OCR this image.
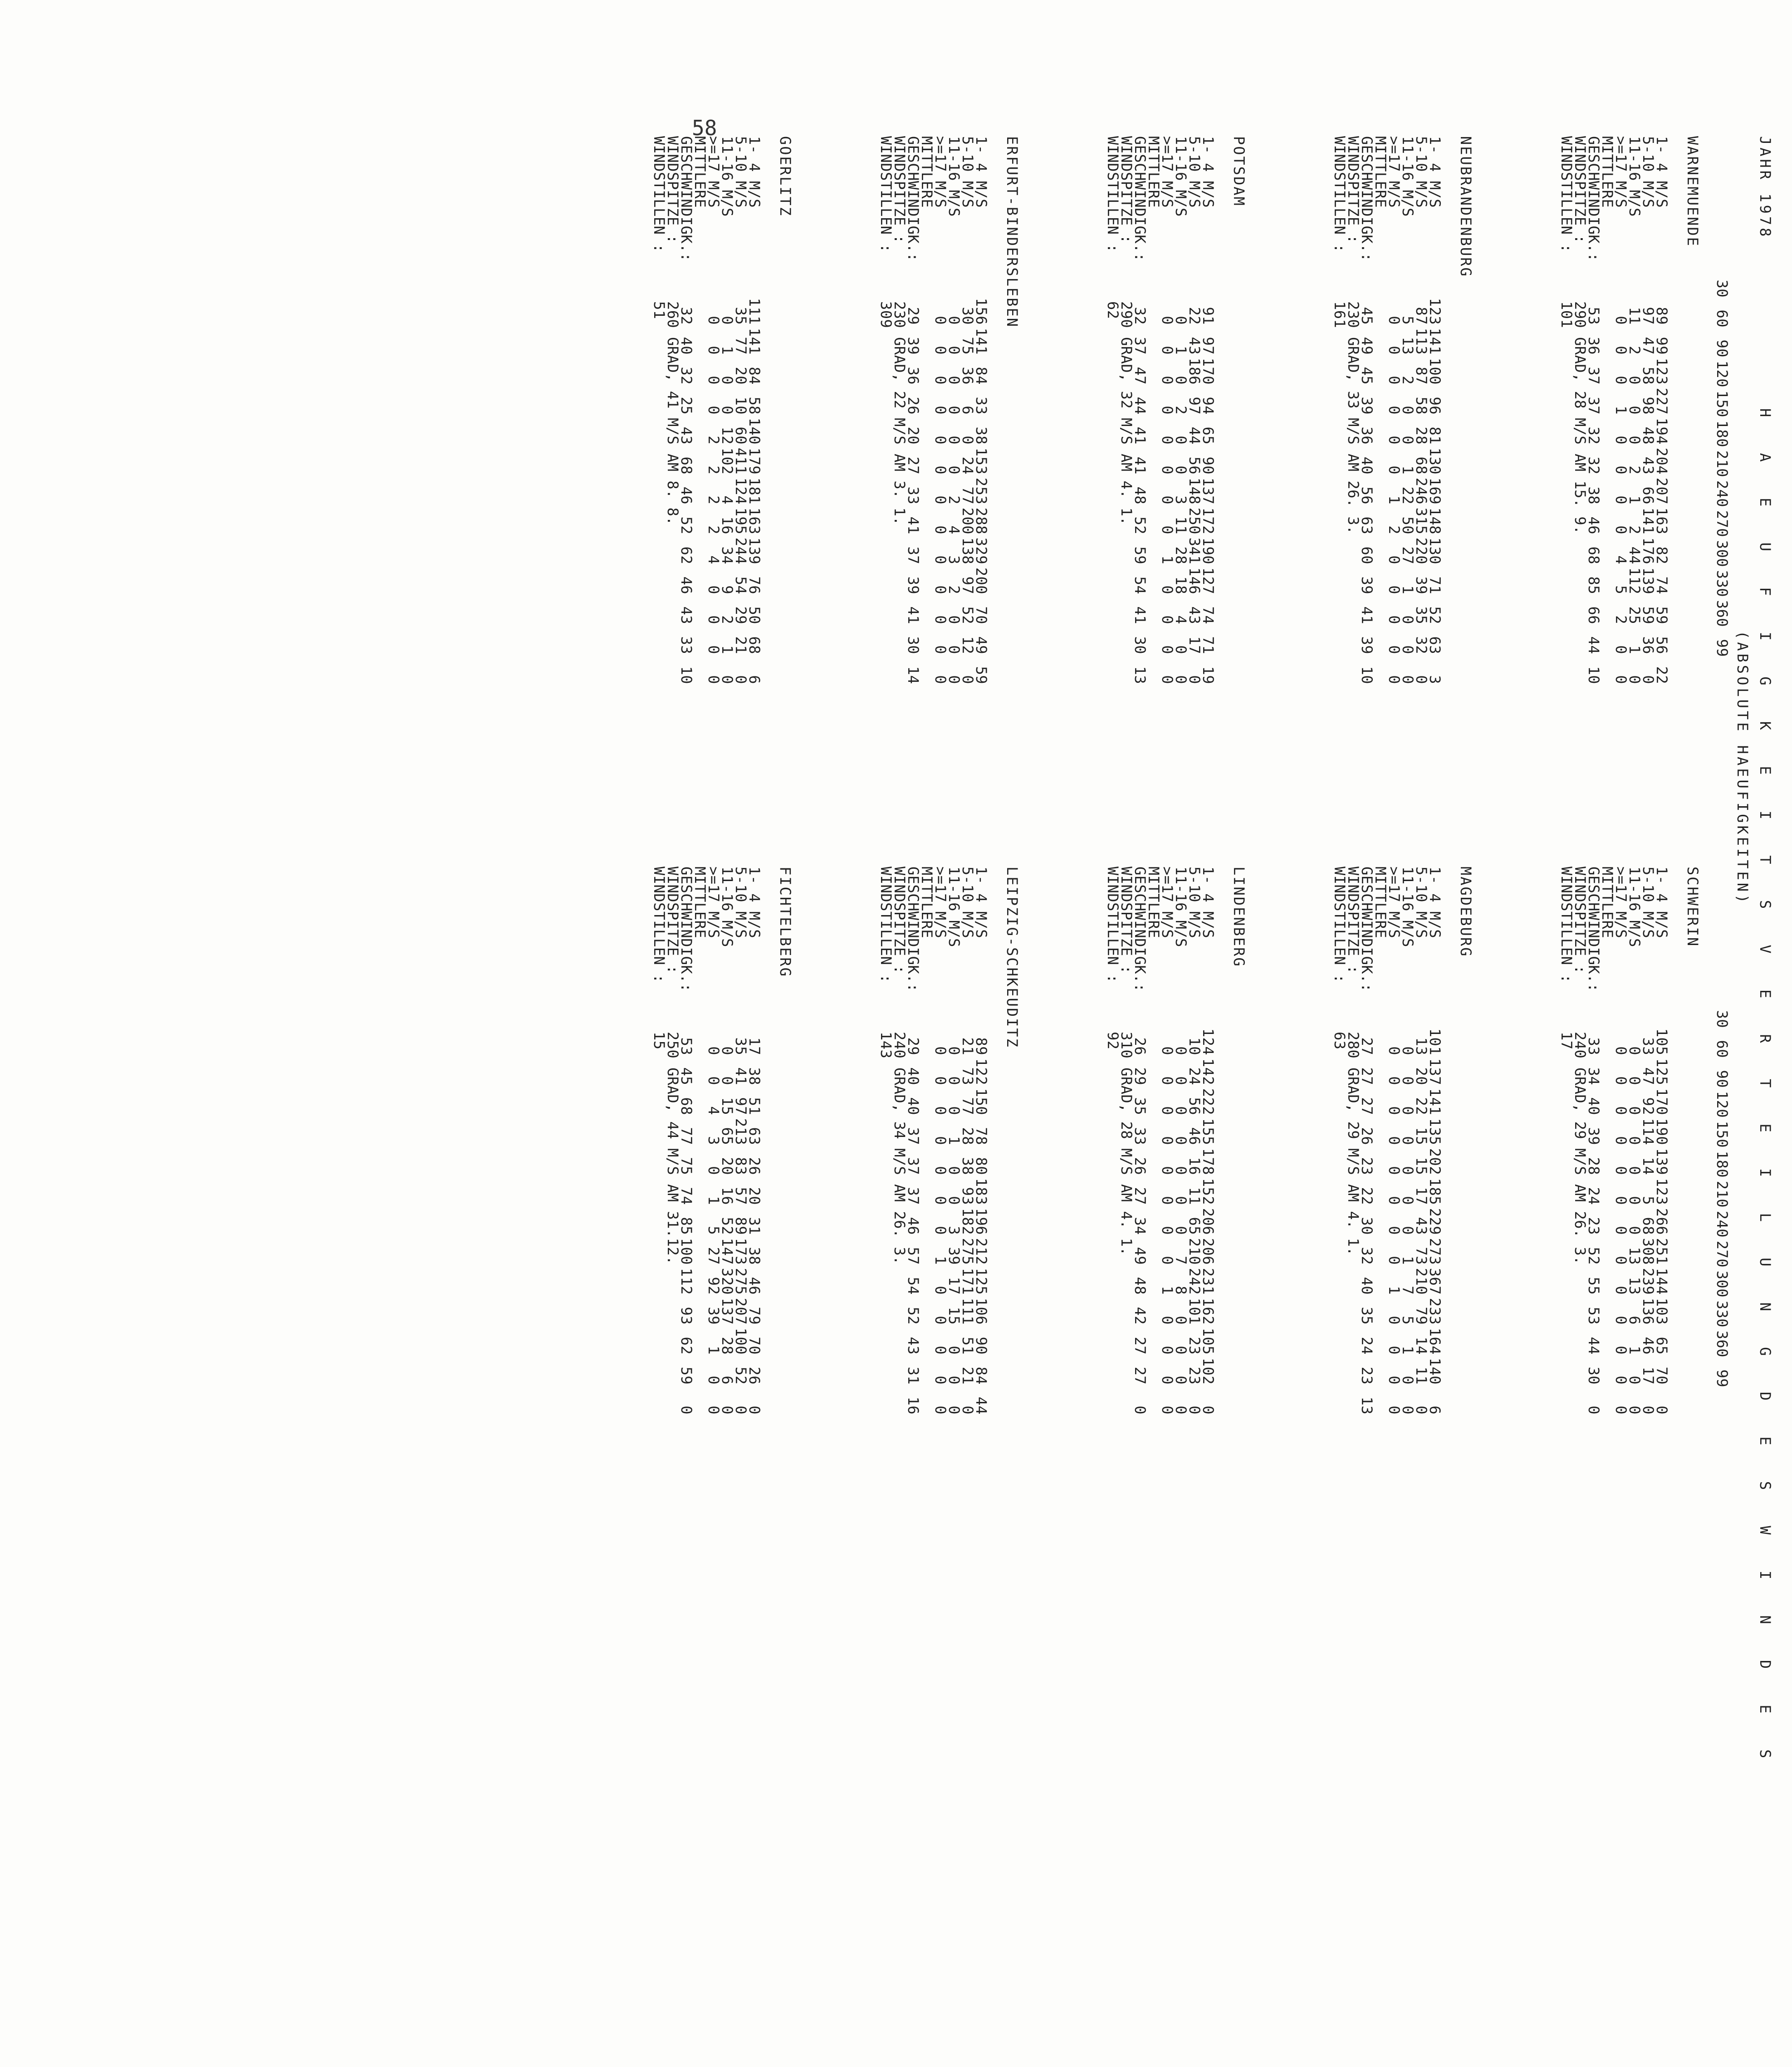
58
JAHR 1978
H A E U F I G K E I T S V E R T E I L U N G D E S W I N D E S
(ABSOLUTE HAEUFIGKEITEN)
30609012015018021024027030033036099
30609012015018021024027030033036099
WARNEMUENDE
1- 4 M/S89991232271942042071638274595622
5-10 M/S9747589848436614117613959360
11-16 M/S112000212441122510
>=17 M/S0001000045200
MITTLERE
GESCHWINDIGK.:53363737323238466885664410
WINDSPITZE :290 GRAD, 28 M/S AM 15. 9.
WINDSTILLEN :101
NEUBRANDENBURG
1- 4 M/S12314110096811301691481307152633
5-10 M/S87113875828682463152203935320
11-16 M/S51320012250271000
>=17 M/S0000001200000
MITTLERE
GESCHWINDIGK.:45494539364056636039413910
WINDSPITZE :230 GRAD, 33 M/S AM 26. 3.
WINDSTILLEN :161
POTSDAM
1- 4 M/S9197170946590137172190127747119
5-10 M/S224318697445614825034114643170
11-16 M/S0102003112818400
>=17 M/S0000000010000
MITTLERE
GESCHWINDIGK.:32374744414148525954413013
WINDSPITZE :290 GRAD, 32 M/S AM 4. 1.
WINDSTILLEN :62
ERFURT-BINDERSLEBEN
1- 4 M/S156141843338153253288329200704959
5-10 M/S3075366024772001389752120
11-16 M/S0000002432000
>=17 M/S0000000000000
MITTLERE
GESCHWINDIGK.:29393626202733413739413014
WINDSPITZE :230 GRAD, 22 M/S AM 3. 1.
WINDSTILLEN :309
GOERLITZ
1- 4 M/S11114184581401791811631397650686
5-10 M/S35772010604111241952445429210
11-16 M/S010012102416349210
>=17 M/S0000222240000
MITTLERE
GESCHWINDIGK.:32403225436846526246433310
WINDSPITZE :260 GRAD, 41 M/S AM 8. 8.
WINDSTILLEN :51
SCHWERIN
1- 4 M/S10512517019013912326625114410365700
5-10 M/S3347921141456830823913646170
11-16 M/S000000013136100
>=17 M/S0000000000000
MITTLERE
GESCHWINDIGK.:3334403928242352555344300
WINDSPITZE :240 GRAD, 29 M/S AM 26. 3.
WINDSTILLEN :17
MAGDEBURG
1- 4 M/S1011371411352021852292733672331641406
5-10 M/S13202215151743732107914110
11-16 M/S0000000175100
>=17 M/S0000000010000
MITTLERE
GESCHWINDIGK.:27272726232230324035242313
WINDSPITZE :280 GRAD, 29 M/S AM 4. 1.
WINDSTILLEN :63
LINDENBERG
1- 4 M/S1241422221551781522062062311621051020
5-10 M/S1024564616116521024210123230
11-16 M/S0000000780000
>=17 M/S0000000010000
MITTLERE
GESCHWINDIGK.:2629353326273449484227270
WINDSPITZE :310 GRAD, 28 M/S AM 4. 1.
WINDSTILLEN :92
LEIPZIG-SCHKEUDITZ
1- 4 M/S891221507880183196212125106908444
5-10 M/S21737728389318227517111151210
11-16 M/S0001003391715000
>=17 M/S0000000100000
MITTLERE
GESCHWINDIGK.:29404037373746575452433116
WINDSPITZE :240 GRAD, 34 M/S AM 26. 3.
WINDSTILLEN :143
FICHTELBERG
1- 4 M/S1738516326203138467970260
5-10 M/S354197213835789173275207100520
11-16 M/S0015652016521473201372860
>=17 M/S0043015279239100
MITTLERE
GESCHWINDIGK.:534568777574851001129362590
WINDSPITZE :250 GRAD, 44 M/S AM 31.12.
WINDSTILLEN :15
